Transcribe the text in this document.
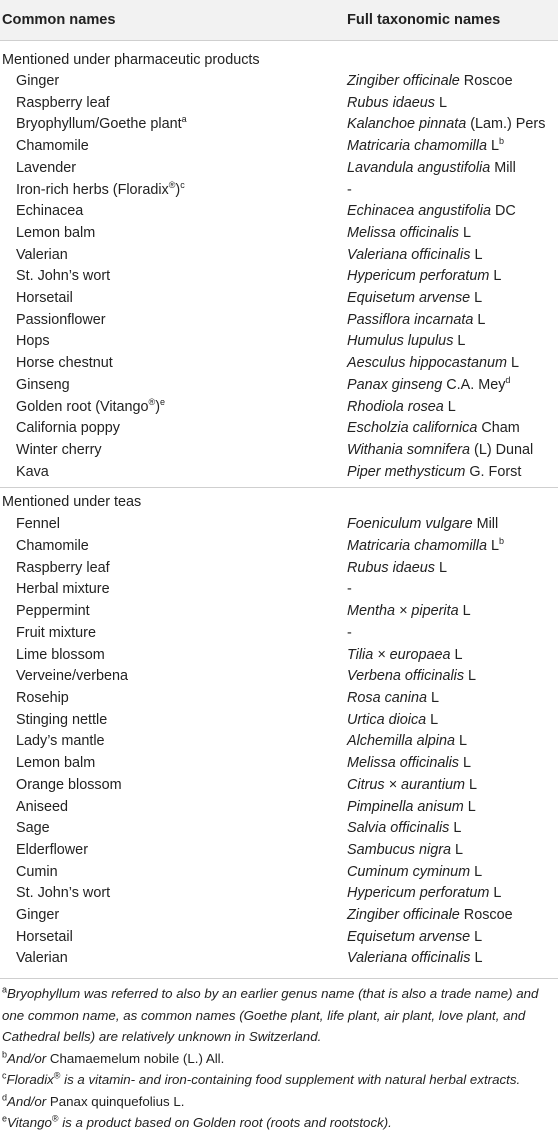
Common names	Full taxonomic names
Mentioned under pharmaceutic products	
Ginger	Zingiber officinale Roscoe
Raspberry leaf	Rubus idaeus L
Bryophyllum/Goethe plant$^a$	Kalanchoe pinnata (Lam.) Pers
Chamomile	Matricaria chamomilla $L^b$
Lavender	Lavandula angustifolia Mill
Iron-rich herbs (Floradix®)$^c$	-
Echinacea	Echinacea angustifolia DC
Lemon balm	Melissa officinalis L
Valerian	Valeriana officinalis L
St. John’s wort	Hypericum perforatum L
Horsetail	Equisetum arvense L
Passionflower	Passiflora incarnata L
Hops	Humulus lupulus L
Horse chestnut	Aesculus hippocastanum L
Ginseng	Panax ginseng C.A. Mey$^d$
Golden root (Vitango®)$^e$	Rhodiola rosea L
California poppy	Escholzia californica Cham
Winter cherry	Withania somnifera (L) Dunal
Kava	Piper methysticum G. Forst

Mentioned under teas	
Fennel	Foeniculum vulgare Mill
Chamomile	Matricaria chamomilla $L^b$
Raspberry leaf	Rubus idaeus L
Herbal mixture	-
Peppermint	Mentha × piperita L
Fruit mixture	-
Lime blossom	Tilia × europaea L
Verveine/verbena	Verbena officinalis L
Rosehip	Rosa canina L
Stinging nettle	Urtica dioica L
Lady’s mantle	Alchemilla alpina L
Lemon balm	Melissa officinalis L
Orange blossom	Citrus × aurantium L
Aniseed	Pimpinella anisum L
Sage	Salvia officinalis L
Elderflower	Sambucus nigra L
Cumin	Cuminum cyminum L
St. John’s wort	Hypericum perforatum L
Ginger	Zingiber officinale Roscoe
Horsetail	Equisetum arvense L
Valerian	Valeriana officinalis L

$^a$Bryophyllum was referred to also by an earlier genus name (that is also a trade name) and one common name, as common names (Goethe plant, life plant, air plant, love plant, and Cathedral bells) are relatively unknown in Switzerland.

$^b$And/or Chamaemelum nobile (L.) All.

$^c$Floradix® is a vitamin- and iron-containing food supplement with natural herbal extracts.

$^d$And/or Panax quinquefolius L.

$^e$Vitango® is a product based on Golden root (roots and rootstock).
